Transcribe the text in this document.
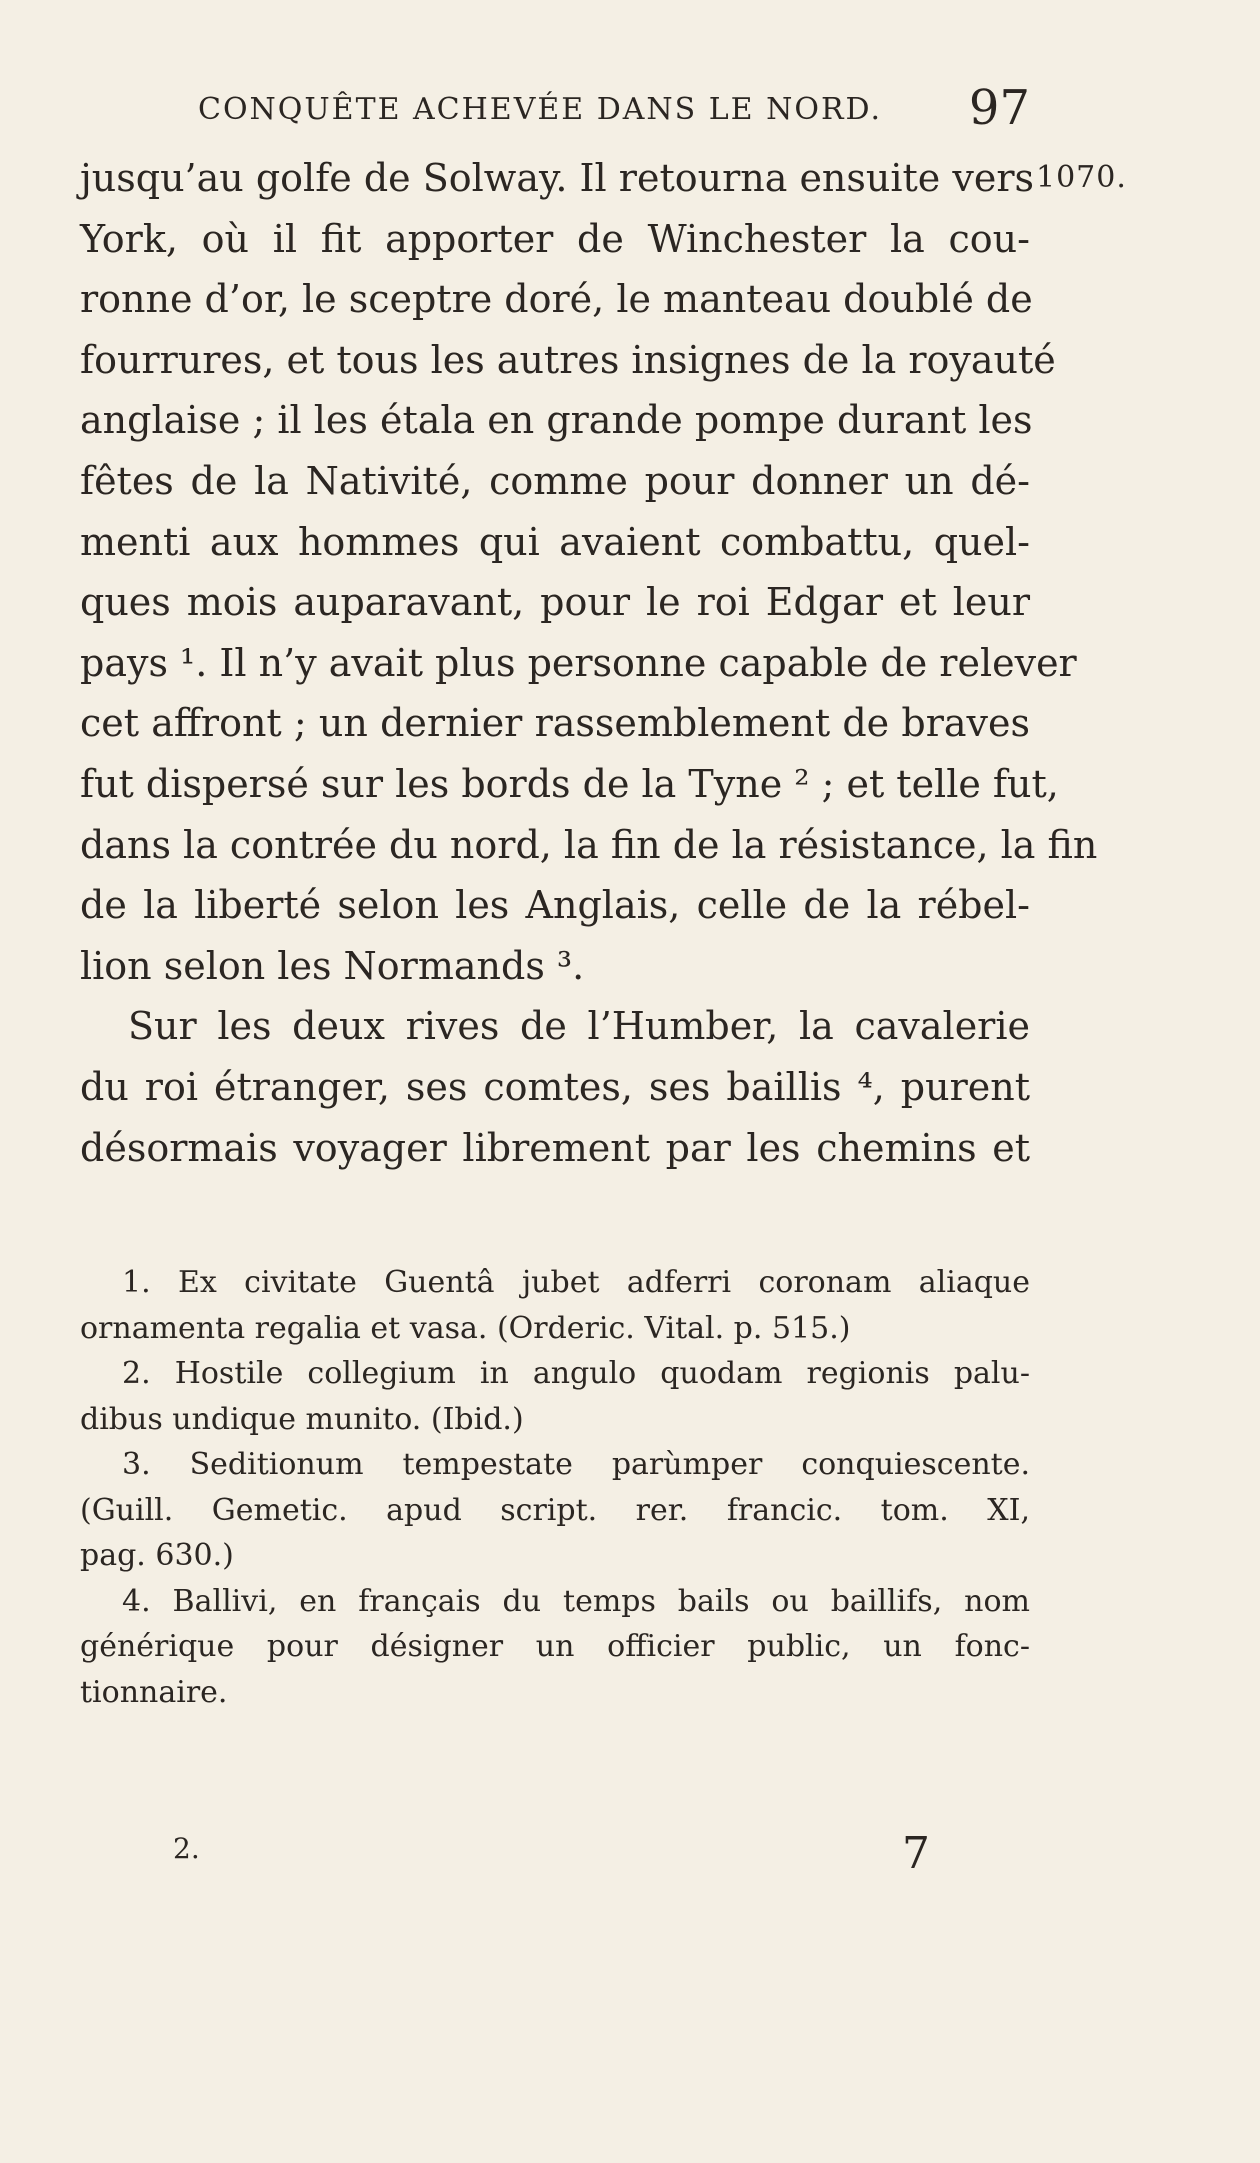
CONQUÊTE ACHEVÉE DANS LE NORD. 97
1070.
jusqu’au golfe de Solway. Il retourna ensuite vers
York, où il fit apporter de Winchester la cou-
ronne d’or, le sceptre doré, le manteau doublé de
fourrures, et tous les autres insignes de la royauté
anglaise ; il les étala en grande pompe durant les
fêtes de la Nativité, comme pour donner un dé-
menti aux hommes qui avaient combattu, quel-
ques mois auparavant, pour le roi Edgar et leur
pays ¹. Il n’y avait plus personne capable de relever
cet affront ; un dernier rassemblement de braves
fut dispersé sur les bords de la Tyne ² ; et telle fut,
dans la contrée du nord, la fin de la résistance, la fin
de la liberté selon les Anglais, celle de la rébel-
lion selon les Normands ³.
Sur les deux rives de l’Humber, la cavalerie
du roi étranger, ses comtes, ses baillis ⁴, purent
désormais voyager librement par les chemins et
1. Ex civitate Guentâ jubet adferri coronam aliaque
ornamenta regalia et vasa. (Orderic. Vital. p. 515.)
2. Hostile collegium in angulo quodam regionis palu-
dibus undique munito. (Ibid.)
3. Seditionum tempestate parùmper conquiescente.
(Guill. Gemetic. apud script. rer. francic. tom. XI,
pag. 630.)
4. Ballivi, en français du temps bails ou baillifs, nom
générique pour désigner un officier public, un fonc-
tionnaire.
2.	7
